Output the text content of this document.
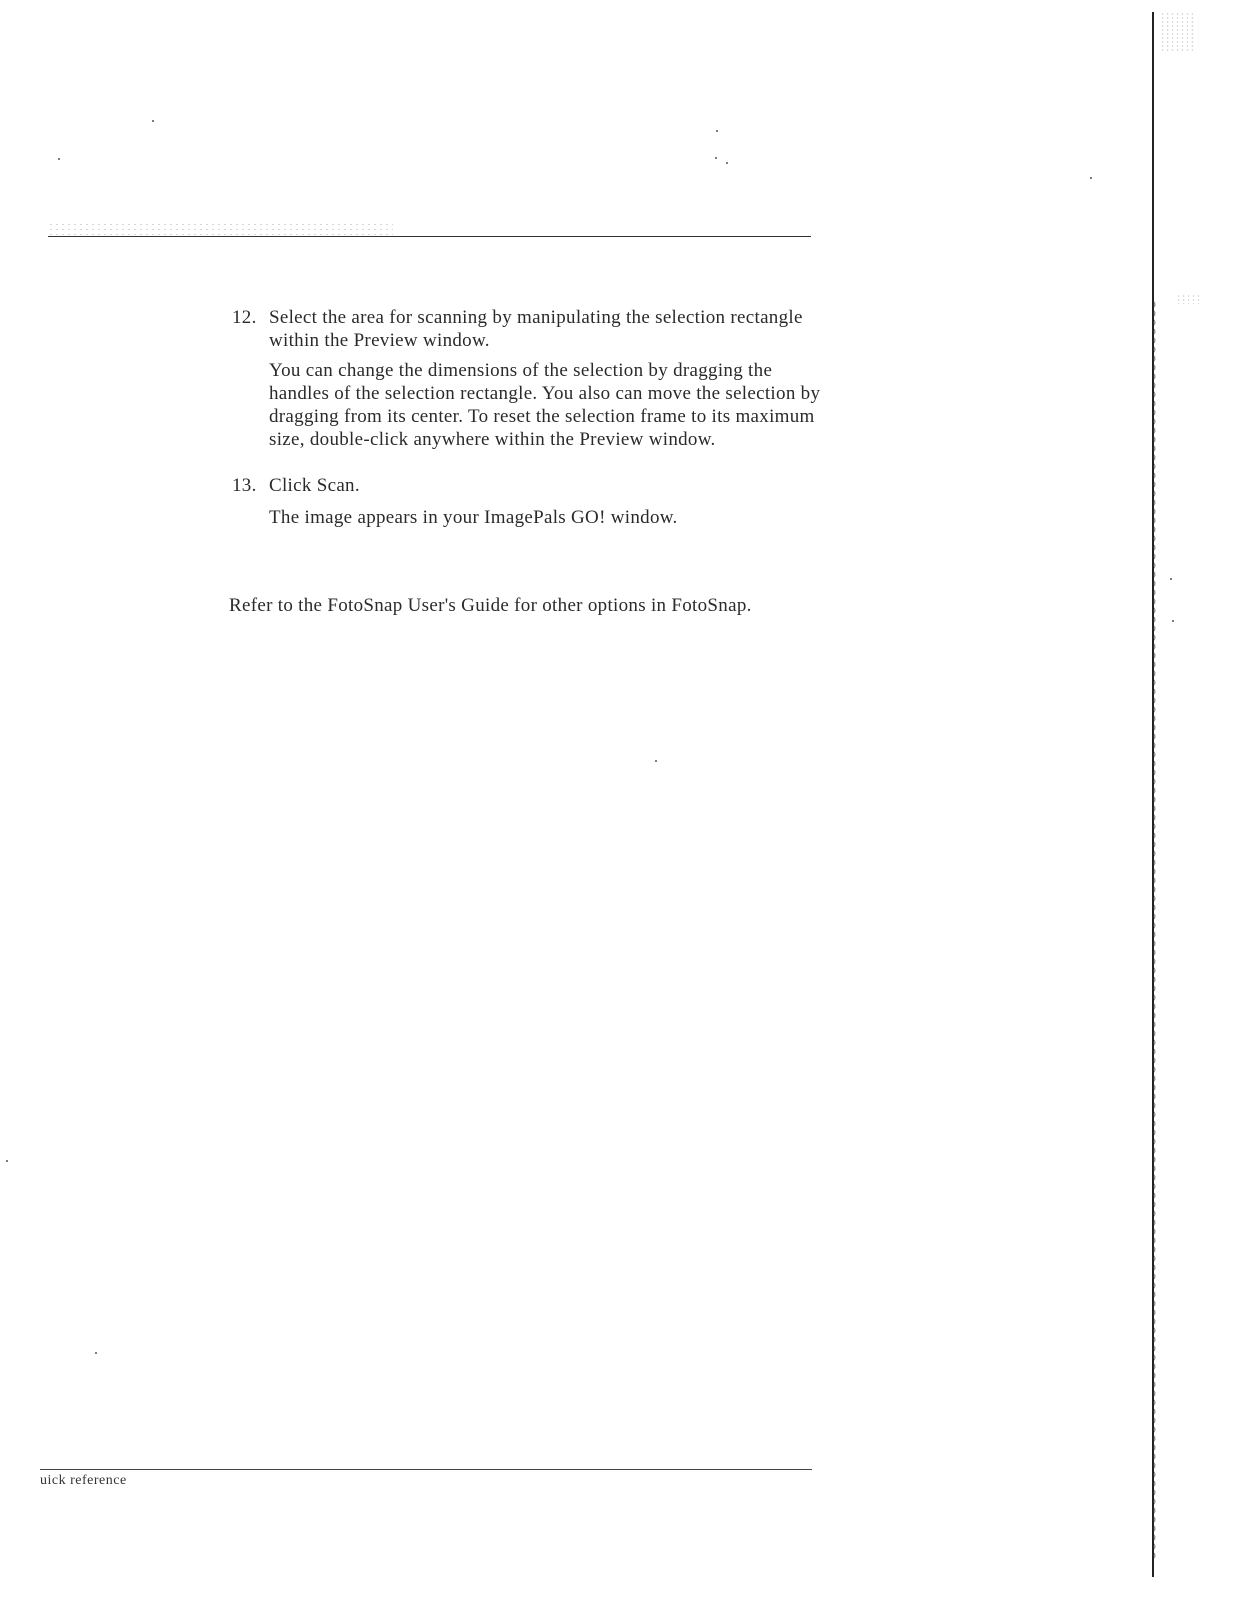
12. Select the area for scanning by manipulating the selection rectangle within the Preview window.
You can change the dimensions of the selection by dragging the handles of the selection rectangle. You also can move the selection by dragging from its center. To reset the selection frame to its maximum size, double-click anywhere within the Preview window.
13. Click Scan.
The image appears in your ImagePals GO! window.
Refer to the FotoSnap User's Guide for other options in FotoSnap.
uick reference
